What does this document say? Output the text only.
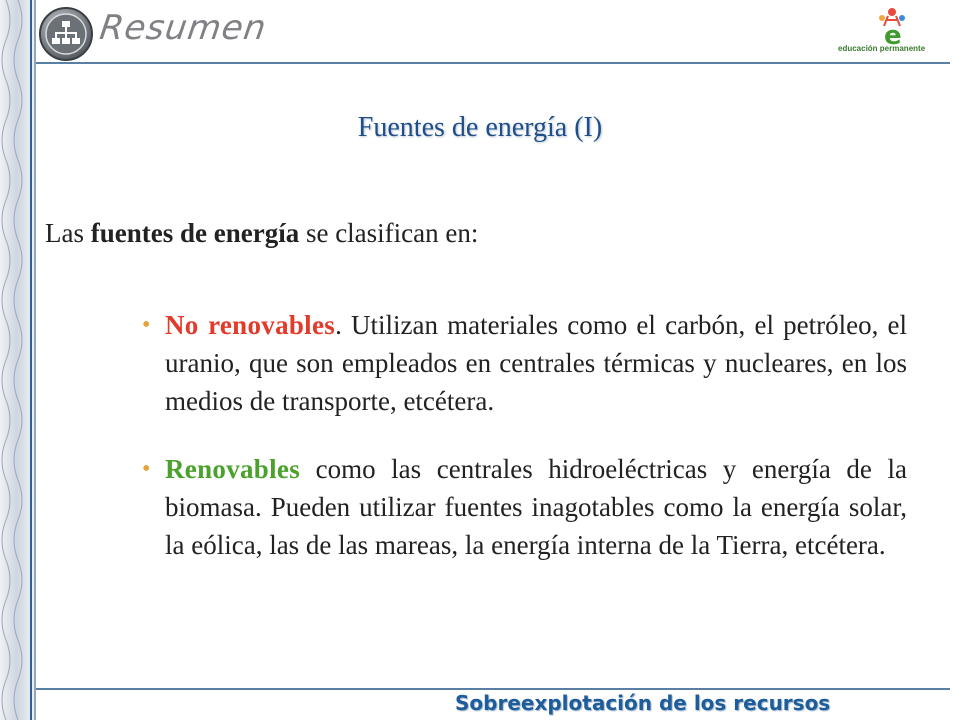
Resumen	e
educación permanente
Fuentes de energía (I)
Las fuentes de energía se clasifican en:
• No renovables. Utilizan materiales como el carbón, el petróleo, el uranio, que son empleados en centrales térmicas y nucleares, en los medios de transporte, etcétera.
• Renovables como las centrales hidroeléctricas y energía de la biomasa. Pueden utilizar fuentes inagotables como la energía solar, la eólica, las de las mareas, la energía interna de la Tierra, etcétera.
Sobreexplotación de los recursos
